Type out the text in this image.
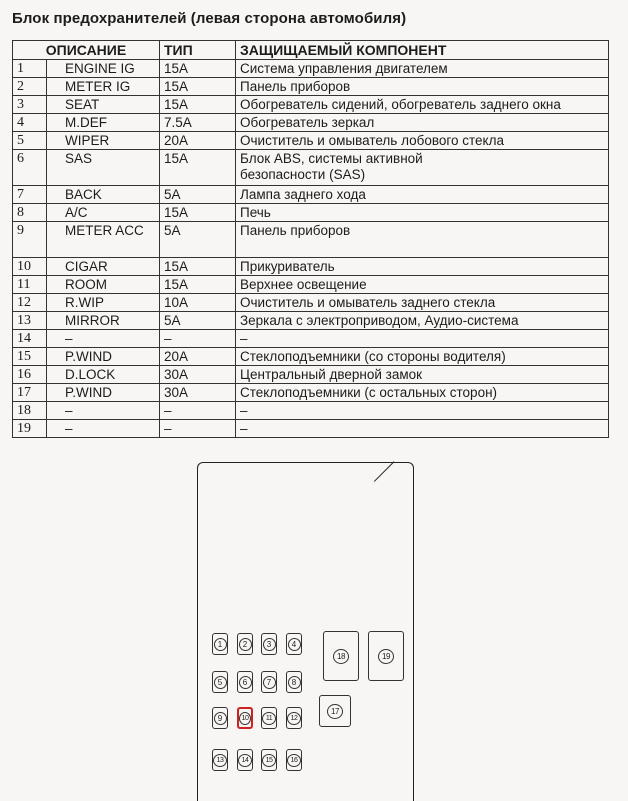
Блок предохранителей (левая сторона автомобиля)
ОПИСАНИЕ		ТИП	ЗАЩИЩАЕМЫЙ КОМПОНЕНТ
1	ENGINE IG	15A	Система управления двигателем
2	METER IG	15A	Панель приборов
3	SEAT	15A	Обогреватель сидений, обогреватель заднего окна
4	M.DEF	7.5A	Обогреватель зеркал
5	WIPER	20A	Очиститель и омыватель лобового стекла
6	SAS	15A	Блок ABS, системы активной безопасности (SAS)
7	BACK	5A	Лампа заднего хода
8	A/C	15A	Печь
9	METER ACC	5A	Панель приборов
10	CIGAR	15A	Прикуриватель
11	ROOM	15A	Верхнее освещение
12	R.WIP	10A	Очиститель и омыватель заднего стекла
13	MIRROR	5A	Зеркала с электроприводом, Аудио-система
14	–	–	–
15	P.WIND	20A	Стеклоподъемники (со стороны водителя)
16	D.LOCK	30A	Центральный дверной замок
17	P.WIND	30A	Стеклоподъемники (с остальных сторон)
18	–	–	–
19	–	–	–
1	2	3	4
5	6	7	8
9	10	11	12
13	14	15	16
17
18	19
